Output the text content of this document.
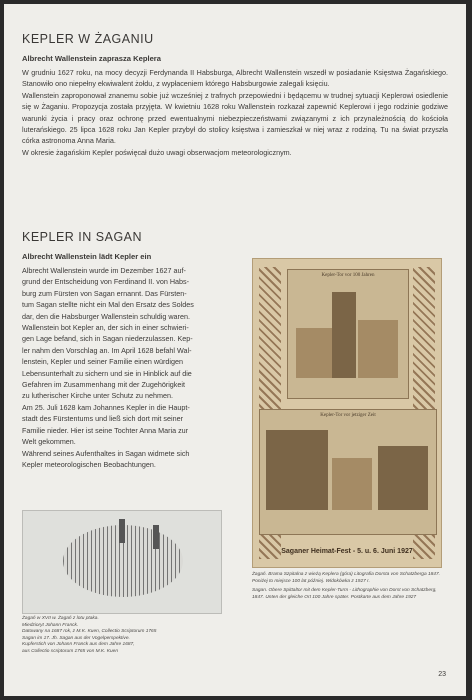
KEPLER W ŻAGANIU
Albrecht Wallenstein zaprasza Keplera

W grudniu 1627 roku, na mocy decyzji Ferdynanda II Habsburga, Albrecht Wallenstein wszedł w posiadanie Księstwa Żagańskiego. Stanowiło ono niepełny ekwiwalent żołdu, z wypłaceniem którego Habsburgowie zalegali księciu.

Wallenstein zaproponował znanemu sobie już wcześniej z trafnych przepowiedni i będącemu w trudnej sytuacji Keplerowi osiedlenie się w Żaganiu. Propozycja została przyjęta. W kwietniu 1628 roku Wallenstein rozkazał zapewnić Keplerowi i jego rodzinie godziwe warunki życia i pracy oraz ochronę przed ewentualnymi niebezpieczeństwami związanymi z ich przynależnością do kościoła luterańskiego. 25 lipca 1628 roku Jan Kepler przybył do stolicy księstwa i zamieszkał w niej wraz z rodziną. Tu na świat przyszła córka astronoma Anna Maria.

W okresie żagańskim Kepler poświęcał dużo uwagi obserwacjom meteorologicznym.

KEPLER IN SAGAN
Albrecht Wallenstein lädt Kepler ein
Albrecht Wallenstein wurde im Dezember 1627 auf-
grund der Entscheidung von Ferdinand II. von Habs-
burg zum Fürsten von Sagan ernannt. Das Fürsten-
tum Sagan stellte nicht ein Mal den Ersatz des Soldes
dar, den die Habsburger Wallenstein schuldig waren.
Wallenstein bot Kepler an, der sich in einer schwieri-
gen Lage befand, sich in Sagan niederzulassen. Kep-
ler nahm den Vorschlag an. Im April 1628 befahl Wal-
lenstein, Kepler und seiner Familie einen würdigen
Lebensunterhalt zu sichern und sie in Hinblick auf die
Gefahren im Zusammenhang mit der Zugehörigkeit
zu lutherischer Kirche unter Schutz zu nehmen.
Am 25. Juli 1628 kam Johannes Kepler in die Haupt-
stadt des Fürstentums und ließ sich dort mit seiner
Familie nieder. Hier ist seine Tochter Anna Maria zur
Welt gekommen.
Während seines Aufenthaltes in Sagan widmete sich
Kepler meteorologischen Beobachtungen.
Kepler-Tor vor 100 Jahren
Kepler-Tor vor jetziger Zeit
Saganer Heimat-Fest - 5. u. 6. Juni 1927
Żagań w XVII w. Żagań z lotu ptaka.
Miedzioryt Johann Franck.
Datowany na 1687 rok, z M.K. Kuen, Collectio Scriptorum 1765
Sagan im 17. Jh. Sagan aus der Vogelperspektive.
Kupferstich von Johann Franck aus dem Jahre 1687,
aus Collectio scriptorum 1765 von M.K. Kuen
Żagań. Brama Szpitalna z wieżą Keplera (góra) Litografia Dorsta von Schatzberga 1847. Poniżej to miejsce 100 lat później. Widokówka z 1927 r.
Sagan. Obere Spittaltor mit dem Kepler-Turm - Lithographie von Dorst von Schatzberg, 1847. Unten der gleiche Ort 100 Jahre später. Postkarte aus dem Jahre 1927
23
